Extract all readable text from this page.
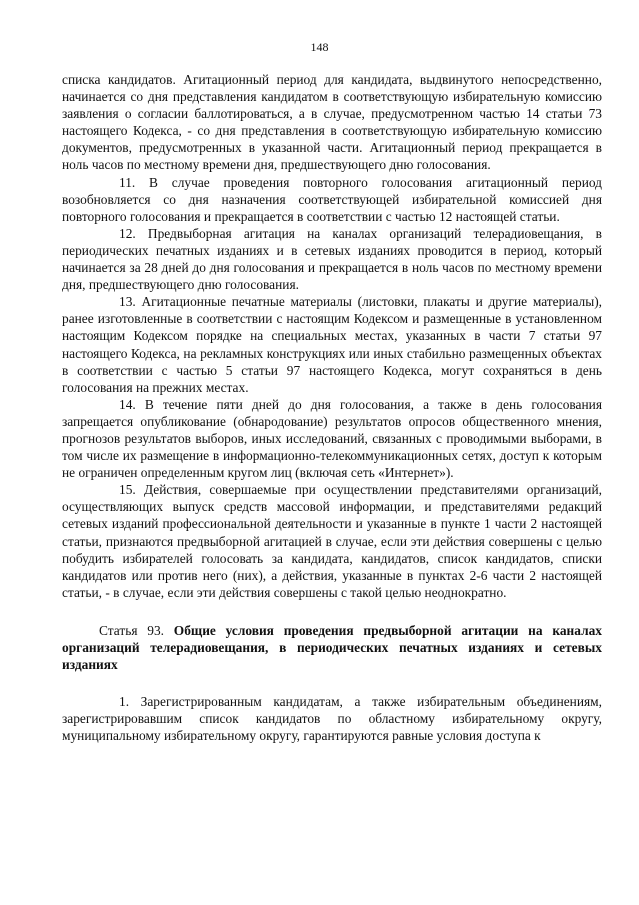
148

списка кандидатов. Агитационный период для кандидата, выдвинутого непосредственно, начинается со дня представления кандидатом в соответствующую избирательную комиссию заявления о согласии баллотироваться, а в случае, предусмотренном частью 14 статьи 73 настоящего Кодекса, - со дня представления в соответствующую избирательную комиссию документов, предусмотренных в указанной части. Агитационный период прекращается в ноль часов по местному времени дня, предшествующего дню голосования.

11. В случае проведения повторного голосования агитационный период возобновляется со дня назначения соответствующей избирательной комиссией дня повторного голосования и прекращается в соответствии с частью 12 настоящей статьи.

12. Предвыборная агитация на каналах организаций телерадиовещания, в периодических печатных изданиях и в сетевых изданиях проводится в период, который начинается за 28 дней до дня голосования и прекращается в ноль часов по местному времени дня, предшествующего дню голосования.

13. Агитационные печатные материалы (листовки, плакаты и другие материалы), ранее изготовленные в соответствии с настоящим Кодексом и размещенные в установленном настоящим Кодексом порядке на специальных местах, указанных в части 7 статьи 97 настоящего Кодекса, на рекламных конструкциях или иных стабильно размещенных объектах в соответствии с частью 5 статьи 97 настоящего Кодекса, могут сохраняться в день голосования на прежних местах.

14. В течение пяти дней до дня голосования, а также в день голосования запрещается опубликование (обнародование) результатов опросов общественного мнения, прогнозов результатов выборов, иных исследований, связанных с проводимыми выборами, в том числе их размещение в информационно-телекоммуникационных сетях, доступ к которым не ограничен определенным кругом лиц (включая сеть «Интернет»).

15. Действия, совершаемые при осуществлении представителями организаций, осуществляющих выпуск средств массовой информации, и представителями редакций сетевых изданий профессиональной деятельности и указанные в пункте 1 части 2 настоящей статьи, признаются предвыборной агитацией в случае, если эти действия совершены с целью побудить избирателей голосовать за кандидата, кандидатов, список кандидатов, списки кандидатов или против него (них), а действия, указанные в пунктах 2-6 части 2 настоящей статьи, - в случае, если эти действия совершены с такой целью неоднократно.

Статья 93. Общие условия проведения предвыборной агитации на каналах организаций телерадиовещания, в периодических печатных изданиях и сетевых изданиях

1. Зарегистрированным кандидатам, а также избирательным объединениям, зарегистрировавшим список кандидатов по областному избирательному округу, муниципальному избирательному округу, гарантируются равные условия доступа к
